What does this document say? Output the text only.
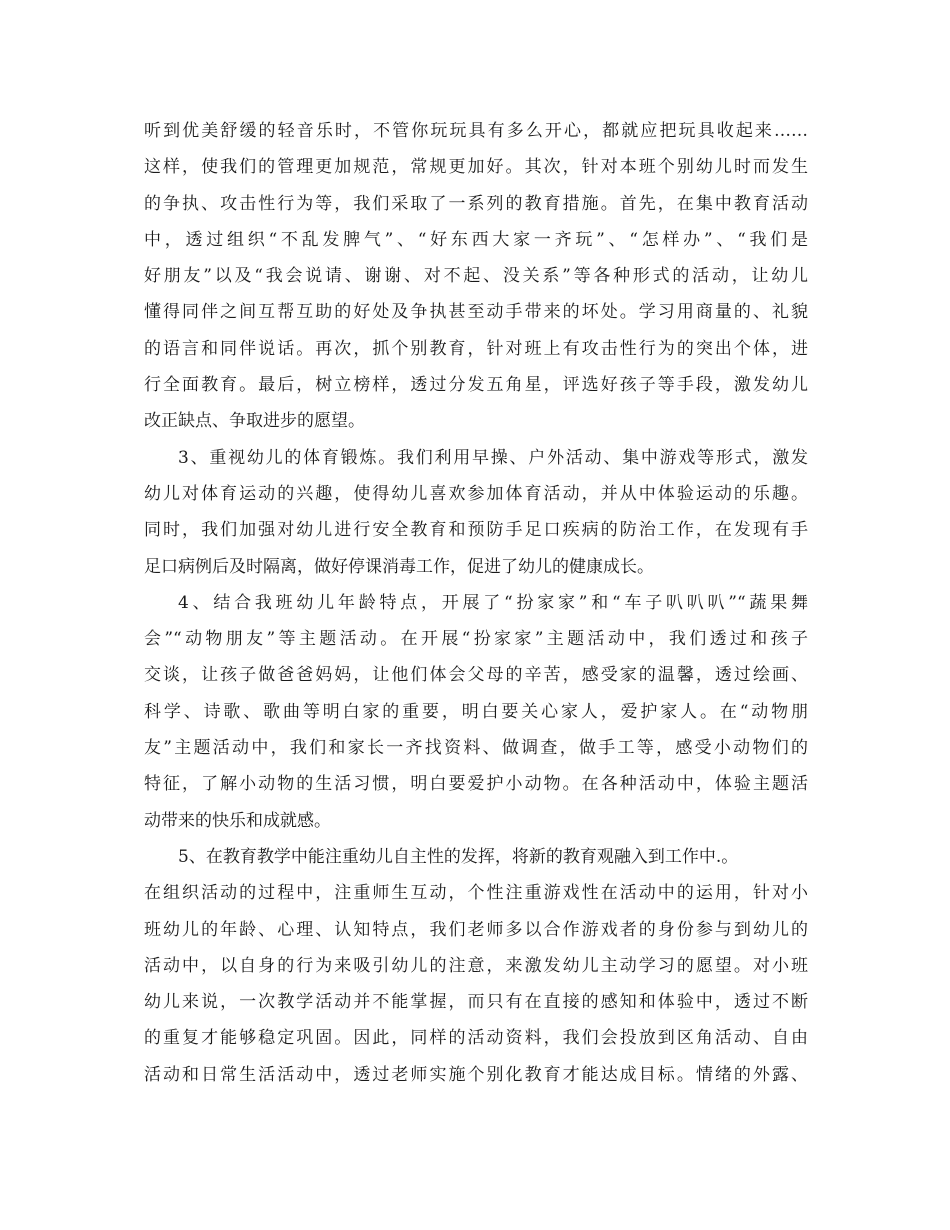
听到优美舒缓的轻音乐时，不管你玩玩具有多么开心，都就应把玩具收起来……
这样，使我们的管理更加规范，常规更加好。其次，针对本班个别幼儿时而发生
的争执、攻击性行为等，我们采取了一系列的教育措施。首先，在集中教育活动
中，透过组织“不乱发脾气”、“好东西大家一齐玩”、“怎样办”、“我们是
好朋友”以及“我会说请、谢谢、对不起、没关系”等各种形式的活动，让幼儿
懂得同伴之间互帮互助的好处及争执甚至动手带来的坏处。学习用商量的、礼貌
的语言和同伴说话。再次，抓个别教育，针对班上有攻击性行为的突出个体，进
行全面教育。最后，树立榜样，透过分发五角星，评选好孩子等手段，激发幼儿
改正缺点、争取进步的愿望。
3、重视幼儿的体育锻炼。我们利用早操、户外活动、集中游戏等形式，激发
幼儿对体育运动的兴趣，使得幼儿喜欢参加体育活动，并从中体验运动的乐趣。
同时，我们加强对幼儿进行安全教育和预防手足口疾病的防治工作，在发现有手
足口病例后及时隔离，做好停课消毒工作，促进了幼儿的健康成长。
4、结合我班幼儿年龄特点，开展了“扮家家”和“车子叭叭叭”“蔬果舞
会”“动物朋友”等主题活动。在开展“扮家家”主题活动中，我们透过和孩子
交谈，让孩子做爸爸妈妈，让他们体会父母的辛苦，感受家的温馨，透过绘画、
科学、诗歌、歌曲等明白家的重要，明白要关心家人，爱护家人。在“动物朋
友”主题活动中，我们和家长一齐找资料、做调查，做手工等，感受小动物们的
特征，了解小动物的生活习惯，明白要爱护小动物。在各种活动中，体验主题活
动带来的快乐和成就感。
5、在教育教学中能注重幼儿自主性的发挥，将新的教育观融入到工作中.。
在组织活动的过程中，注重师生互动，个性注重游戏性在活动中的运用，针对小
班幼儿的年龄、心理、认知特点，我们老师多以合作游戏者的身份参与到幼儿的
活动中，以自身的行为来吸引幼儿的注意，来激发幼儿主动学习的愿望。对小班
幼儿来说，一次教学活动并不能掌握，而只有在直接的感知和体验中，透过不断
的重复才能够稳定巩固。因此，同样的活动资料，我们会投放到区角活动、自由
活动和日常生活活动中，透过老师实施个别化教育才能达成目标。情绪的外露、
